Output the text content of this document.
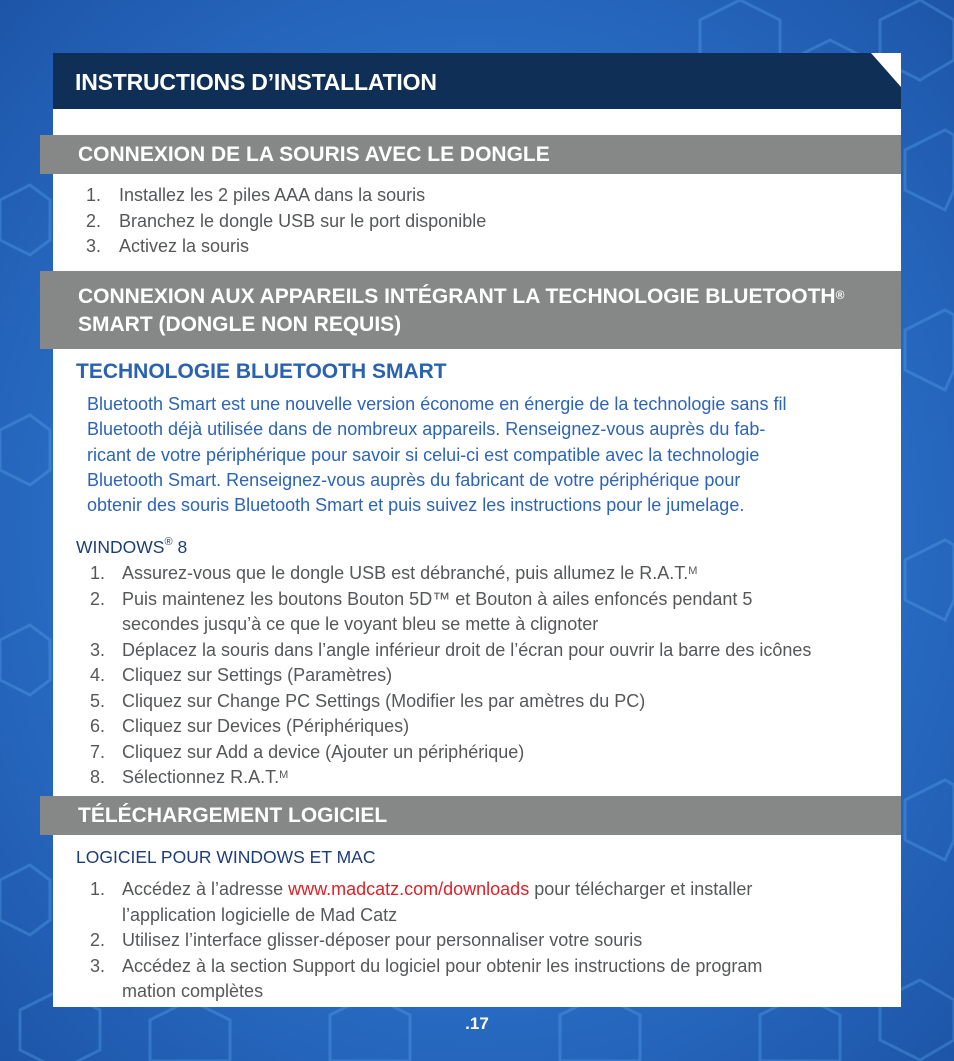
INSTRUCTIONS D’INSTALLATION
CONNEXION DE LA SOURIS AVEC LE DONGLE
1. Installez les 2 piles AAA dans la souris
2. Branchez le dongle USB sur le port disponible
3. Activez la souris
CONNEXION AUX APPAREILS INTÉGRANT LA TECHNOLOGIE BLUETOOTH®
SMART (DONGLE NON REQUIS)
TECHNOLOGIE BLUETOOTH SMART
Bluetooth Smart est une nouvelle version économe en énergie de la technologie sans fil
Bluetooth déjà utilisée dans de nombreux appareils. Renseignez-vous auprès du fab-
ricant de votre périphérique pour savoir si celui-ci est compatible avec la technologie
Bluetooth Smart. Renseignez-vous auprès du fabricant de votre périphérique pour
obtenir des souris Bluetooth Smart et puis suivez les instructions pour le jumelage.
WINDOWS® 8
1. Assurez-vous que le dongle USB est débranché, puis allumez le R.A.T.$^M$
2. Puis maintenez les boutons Bouton 5D™ et Bouton à ailes enfoncés pendant 5
secondes jusqu’à ce que le voyant bleu se mette à clignoter
3. Déplacez la souris dans l’angle inférieur droit de l’écran pour ouvrir la barre des icônes
4. Cliquez sur Settings (Paramètres)
5. Cliquez sur Change PC Settings (Modifier les par amètres du PC)
6. Cliquez sur Devices (Périphériques)
7. Cliquez sur Add a device (Ajouter un périphérique)
8. Sélectionnez R.A.T.$^M$
TÉLÉCHARGEMENT LOGICIEL
LOGICIEL POUR WINDOWS ET MAC
1. Accédez à l’adresse www.madcatz.com/downloads pour télécharger et installer
l’application logicielle de Mad Catz
2. Utilisez l’interface glisser-déposer pour personnaliser votre souris
3. Accédez à la section Support du logiciel pour obtenir les instructions de program
mation complètes
.17
